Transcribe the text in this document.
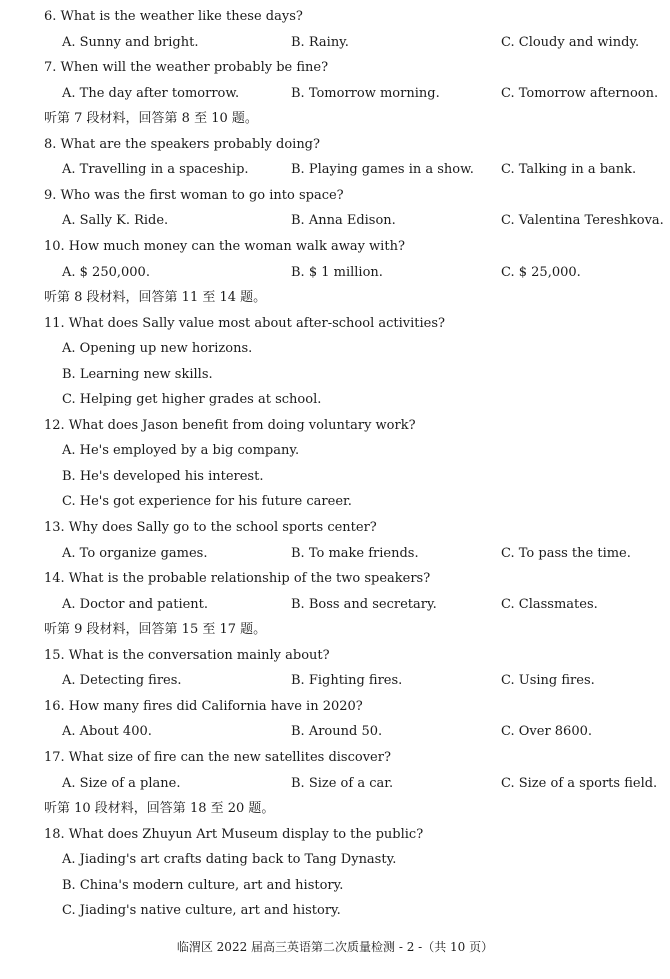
6. What is the weather like these days?
A. Sunny and bright.	B. Rainy.	C. Cloudy and windy.
7. When will the weather probably be fine?
A. The day after tomorrow.	B. Tomorrow morning.	C. Tomorrow afternoon.
听第 7 段材料，回答第 8 至 10 题。
8. What are the speakers probably doing?
A. Travelling in a spaceship.	B. Playing games in a show. C. Talking in a bank.
9. Who was the first woman to go into space?
A. Sally K. Ride.	B. Anna Edison.	C. Valentina Tereshkova.
10. How much money can the woman walk away with?
A. $ 250,000.	B. $ 1 million.	C. $ 25,000.
听第 8 段材料，回答第 11 至 14 题。
11. What does Sally value most about after-school activities?
A. Opening up new horizons.
B. Learning new skills.
C. Helping get higher grades at school.
12. What does Jason benefit from doing voluntary work?
A. He's employed by a big company.
B. He's developed his interest.
C. He's got experience for his future career.
13. Why does Sally go to the school sports center?
A. To organize games.	B. To make friends.	C. To pass the time.
14. What is the probable relationship of the two speakers?
A. Doctor and patient.	B. Boss and secretary.	C. Classmates.
听第 9 段材料，回答第 15 至 17 题。
15. What is the conversation mainly about?
A. Detecting fires.	B. Fighting fires.	C. Using fires.
16. How many fires did California have in 2020?
A. About 400.	B. Around 50.	C. Over 8600.
17. What size of fire can the new satellites discover?
A. Size of a plane.	B. Size of a car.	C. Size of a sports field.
听第 10 段材料，回答第 18 至 20 题。
18. What does Zhuyun Art Museum display to the public?
A. Jiading's art crafts dating back to Tang Dynasty.
B. China's modern culture, art and history.
C. Jiading's native culture, art and history.
临渭区 2022 届高三英语第二次质量检测 - 2 -（共 10 页）
